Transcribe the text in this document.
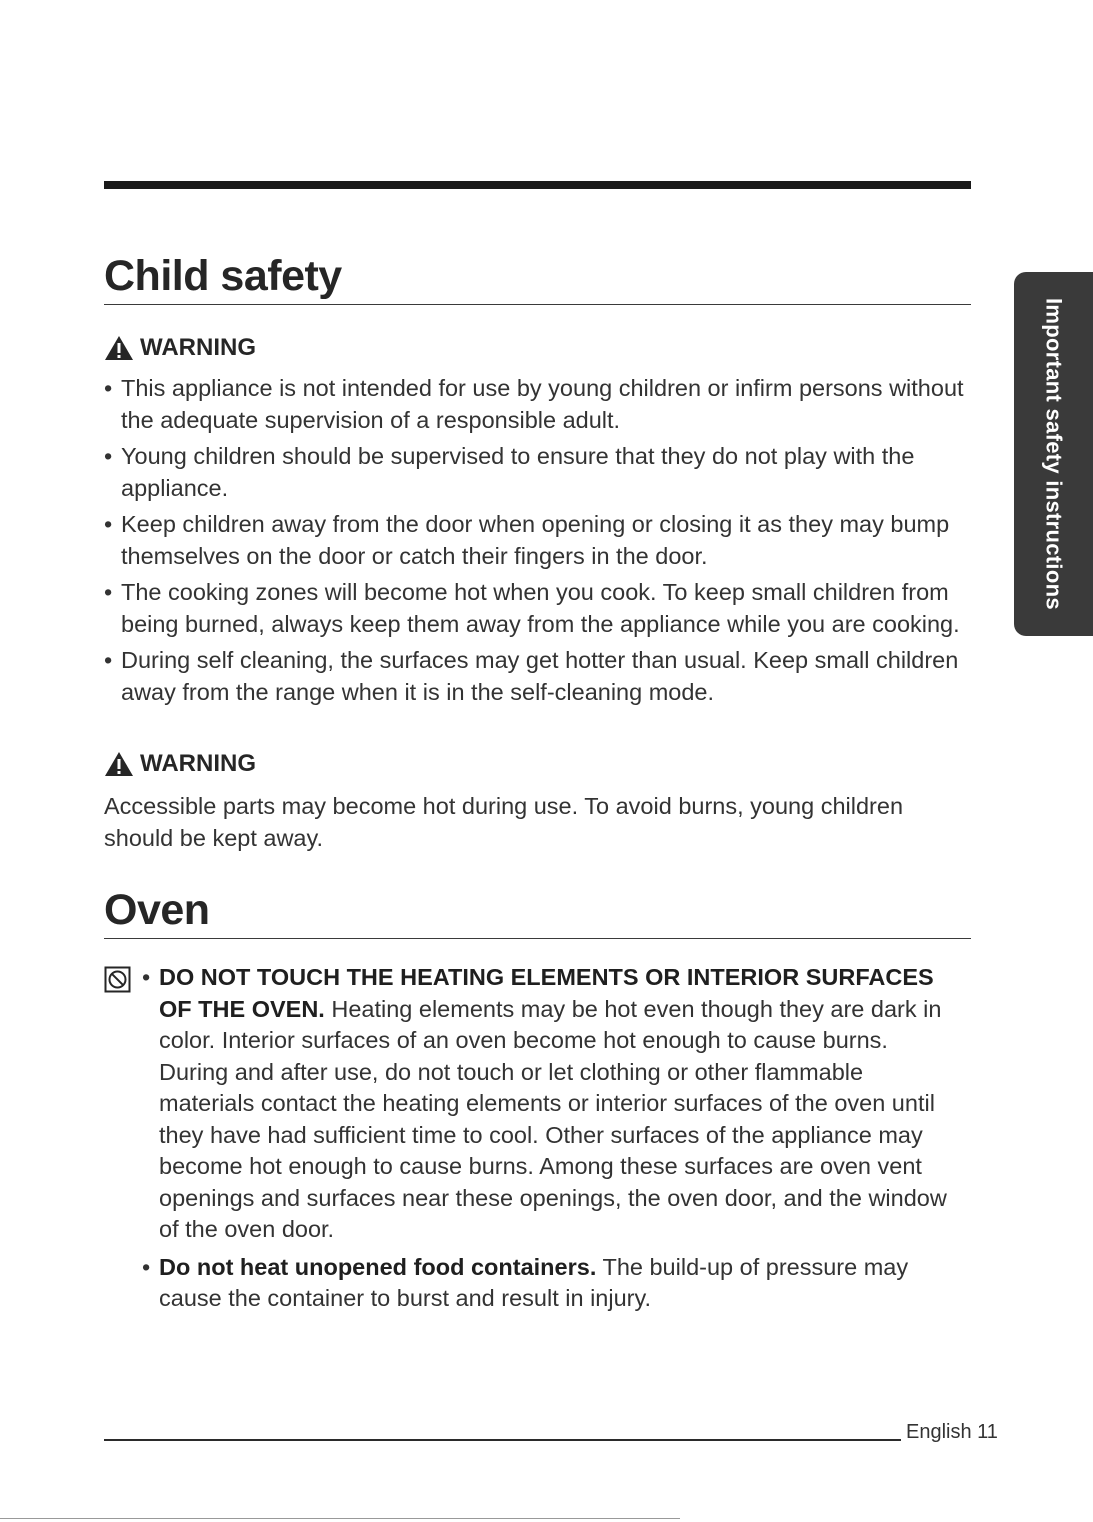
Child safety
WARNING
• This appliance is not intended for use by young children or infirm persons without the adequate supervision of a responsible adult.
• Young children should be supervised to ensure that they do not play with the appliance.
• Keep children away from the door when opening or closing it as they may bump themselves on the door or catch their fingers in the door.
• The cooking zones will become hot when you cook. To keep small children from being burned, always keep them away from the appliance while you are cooking.
• During self cleaning, the surfaces may get hotter than usual. Keep small children away from the range when it is in the self-cleaning mode.
WARNING

Accessible parts may become hot during use. To avoid burns, young children should be kept away.

Oven
• DO NOT TOUCH THE HEATING ELEMENTS OR INTERIOR SURFACES OF THE OVEN. Heating elements may be hot even though they are dark in color. Interior surfaces of an oven become hot enough to cause burns. During and after use, do not touch or let clothing or other flammable materials contact the heating elements or interior surfaces of the oven until they have had sufficient time to cool. Other surfaces of the appliance may become hot enough to cause burns. Among these surfaces are oven vent openings and surfaces near these openings, the oven door, and the window of the oven door.
• Do not heat unopened food containers. The build-up of pressure may cause the container to burst and result in injury.
Important safety instructions
English 11
